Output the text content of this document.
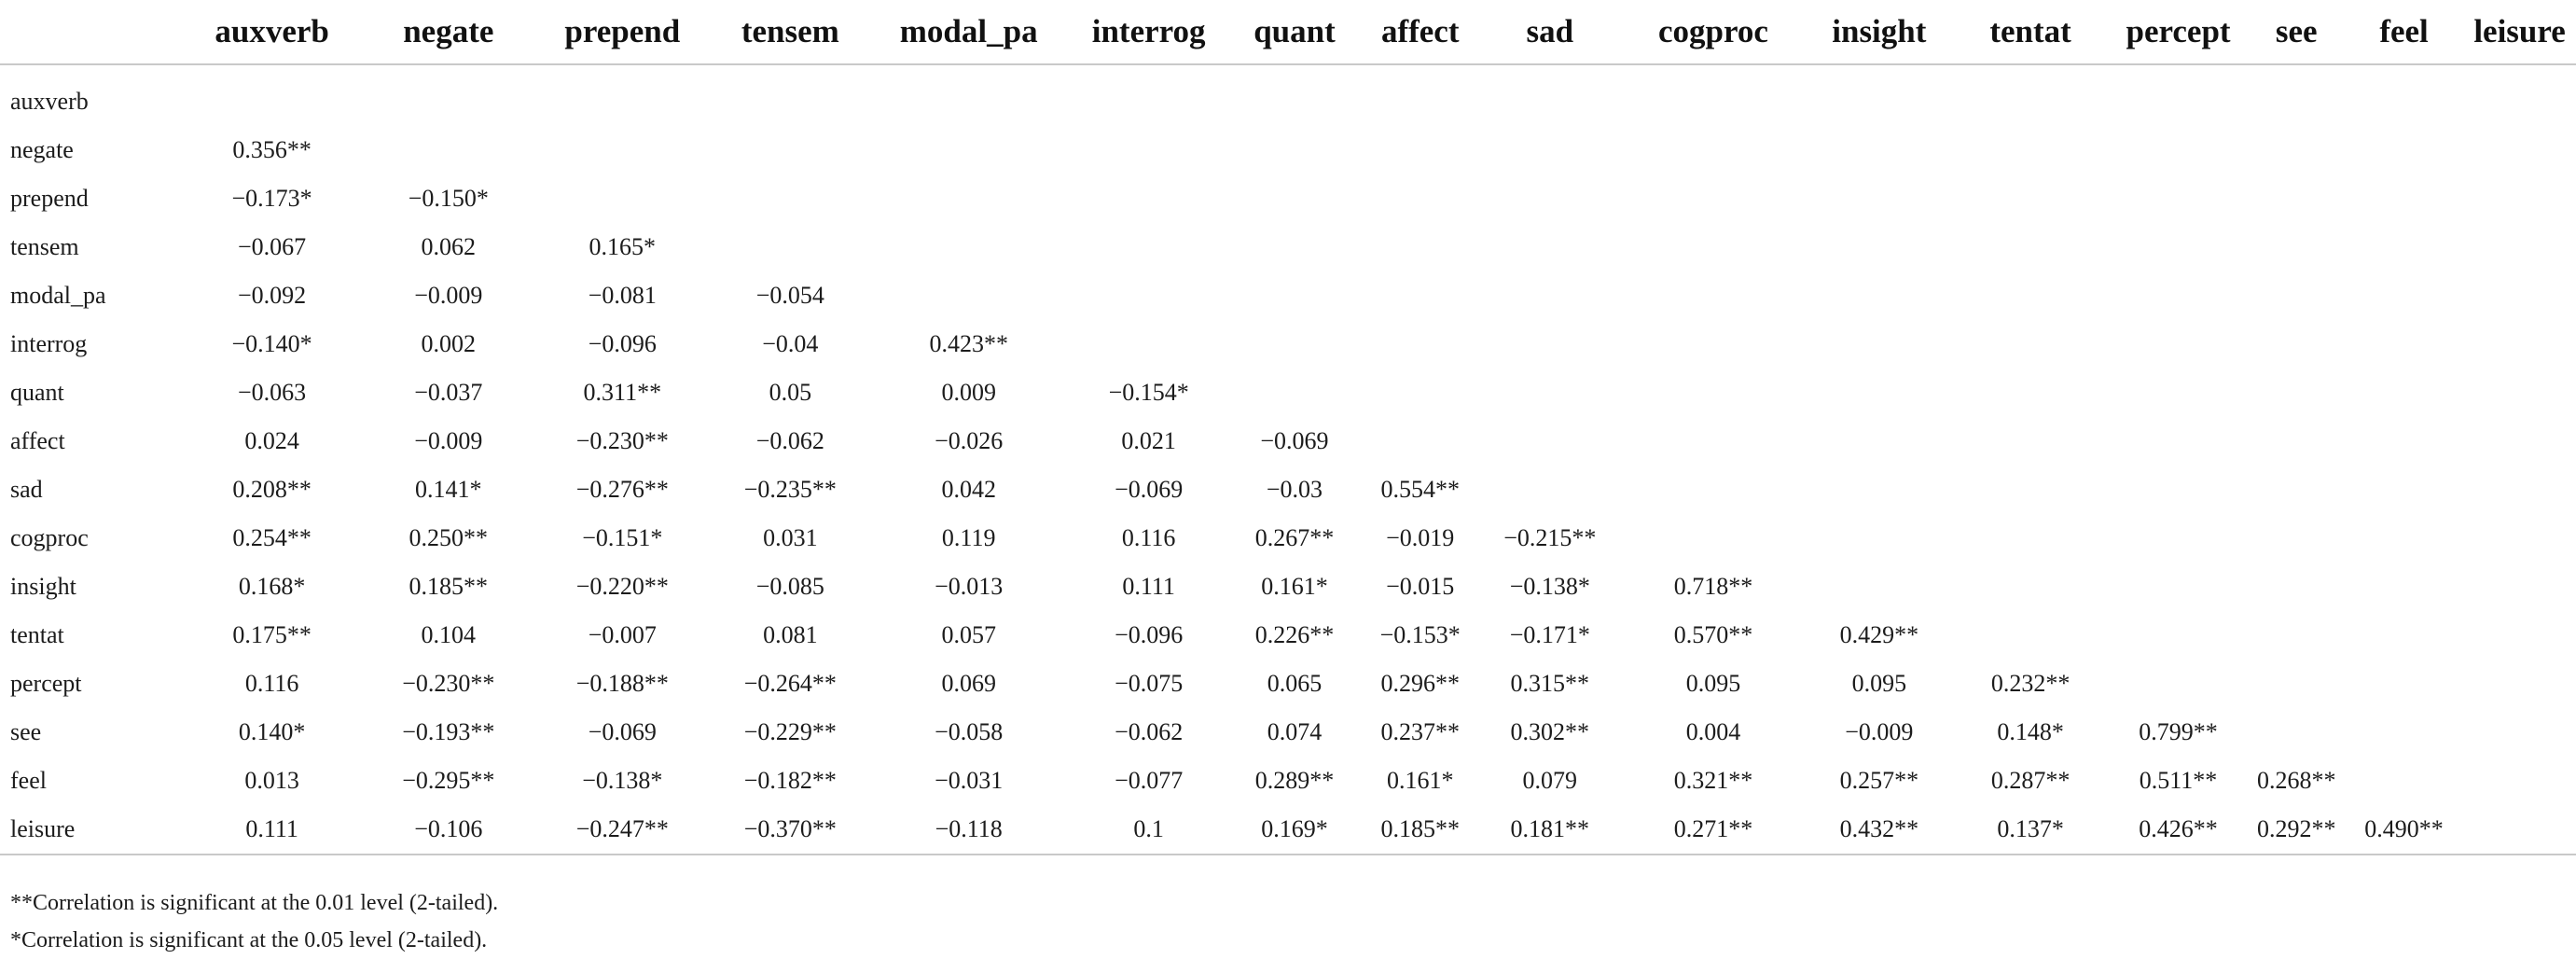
	auxverb	negate	prepend	tensem	modal_pa	interrog	quant	affect	sad	cogproc	insight	tentat	percept	see	feel	leisure

auxverb																
negate	0.356**															
prepend	−0.173*	−0.150*														
tensem	−0.067	0.062	0.165*													
modal_pa	−0.092	−0.009	−0.081	−0.054												
interrog	−0.140*	0.002	−0.096	−0.04	0.423**											
quant	−0.063	−0.037	0.311**	0.05	0.009	−0.154*										
affect	0.024	−0.009	−0.230**	−0.062	−0.026	0.021	−0.069									
sad	0.208**	0.141*	−0.276**	−0.235**	0.042	−0.069	−0.03	0.554**								
cogproc	0.254**	0.250**	−0.151*	0.031	0.119	0.116	0.267**	−0.019	−0.215**							
insight	0.168*	0.185**	−0.220**	−0.085	−0.013	0.111	0.161*	−0.015	−0.138*	0.718**						
tentat	0.175**	0.104	−0.007	0.081	0.057	−0.096	0.226**	−0.153*	−0.171*	0.570**	0.429**					
percept	0.116	−0.230**	−0.188**	−0.264**	0.069	−0.075	0.065	0.296**	0.315**	0.095	0.095	0.232**				
see	0.140*	−0.193**	−0.069	−0.229**	−0.058	−0.062	0.074	0.237**	0.302**	0.004	−0.009	0.148*	0.799**			
feel	0.013	−0.295**	−0.138*	−0.182**	−0.031	−0.077	0.289**	0.161*	0.079	0.321**	0.257**	0.287**	0.511**	0.268**		
leisure	0.111	−0.106	−0.247**	−0.370**	−0.118	0.1	0.169*	0.185**	0.181**	0.271**	0.432**	0.137*	0.426**	0.292**	0.490**	
**Correlation is significant at the 0.01 level (2-tailed).
*Correlation is significant at the 0.05 level (2-tailed).
